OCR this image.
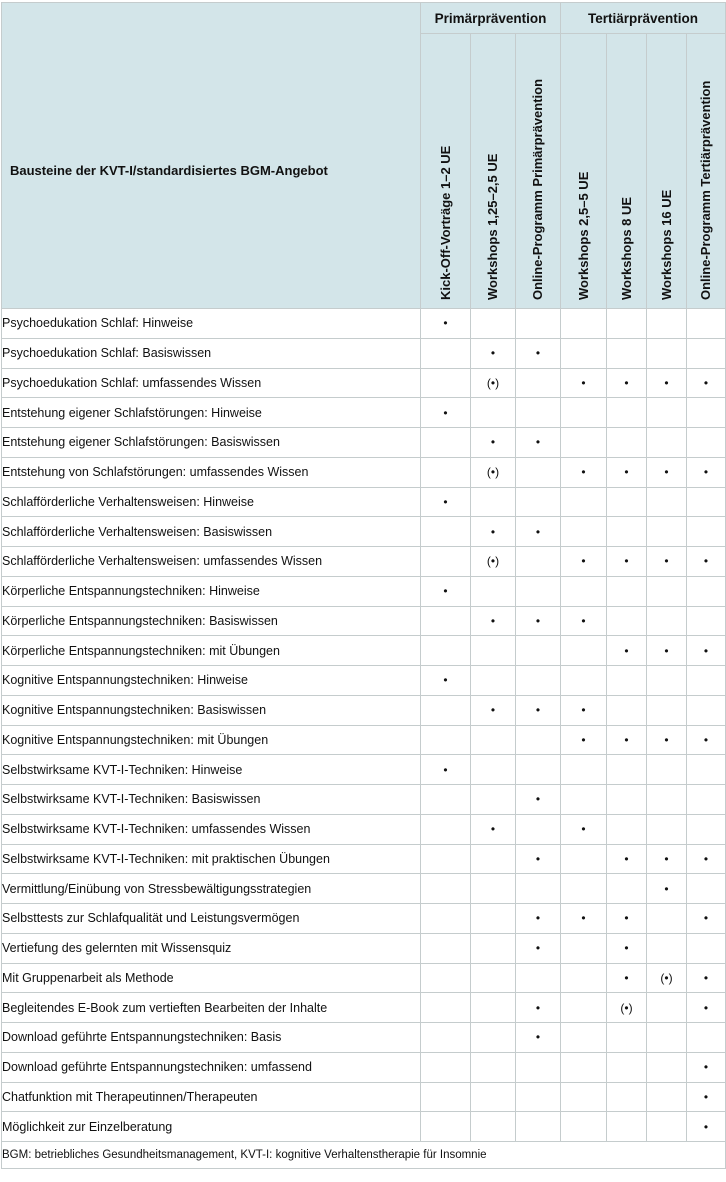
	Primärprävention			Tertiärprävention			
Bausteine der KVT-I/standardisiertes BGM-Angebot	Kick-Off-Vorträge 1–2 UE	Workshops 1,25–2,5 UE	Online-Programm Primärprävention	Workshops 2,5–5 UE	Workshops 8 UE	Workshops 16 UE	Online-Programm Tertiärprävention

Psychoedukation Schlaf: Hinweise	•						
Psychoedukation Schlaf: Basiswissen		•	•				
Psychoedukation Schlaf: umfassendes Wissen		(•)		•	•	•	•
Entstehung eigener Schlafstörungen: Hinweise	•						
Entstehung eigener Schlafstörungen: Basiswissen		•	•				
Entstehung von Schlafstörungen: umfassendes Wissen		(•)		•	•	•	•
Schlafförderliche Verhaltensweisen: Hinweise	•						
Schlafförderliche Verhaltensweisen: Basiswissen		•	•				
Schlafförderliche Verhaltensweisen: umfassendes Wissen		(•)		•	•	•	•
Körperliche Entspannungstechniken: Hinweise	•						
Körperliche Entspannungstechniken: Basiswissen		•	•	•			
Körperliche Entspannungstechniken: mit Übungen					•	•	•
Kognitive Entspannungstechniken: Hinweise	•						
Kognitive Entspannungstechniken: Basiswissen		•	•	•			
Kognitive Entspannungstechniken: mit Übungen				•	•	•	•
Selbstwirksame KVT-I-Techniken: Hinweise	•						
Selbstwirksame KVT-I-Techniken: Basiswissen			•				
Selbstwirksame KVT-I-Techniken: umfassendes Wissen		•		•			
Selbstwirksame KVT-I-Techniken: mit praktischen Übungen			•		•	•	•
Vermittlung/Einübung von Stressbewältigungsstrategien						•	
Selbsttests zur Schlafqualität und Leistungsvermögen			•	•	•		•
Vertiefung des gelernten mit Wissensquiz			•		•		
Mit Gruppenarbeit als Methode					•	(•)	•
Begleitendes E-Book zum vertieften Bearbeiten der Inhalte			•		(•)		•
Download geführte Entspannungstechniken: Basis			•				
Download geführte Entspannungstechniken: umfassend							•
Chatfunktion mit Therapeutinnen/Therapeuten							•
Möglichkeit zur Einzelberatung							•
BGM: betriebliches Gesundheitsmanagement, KVT-I: kognitive Verhaltenstherapie für Insomnie							
